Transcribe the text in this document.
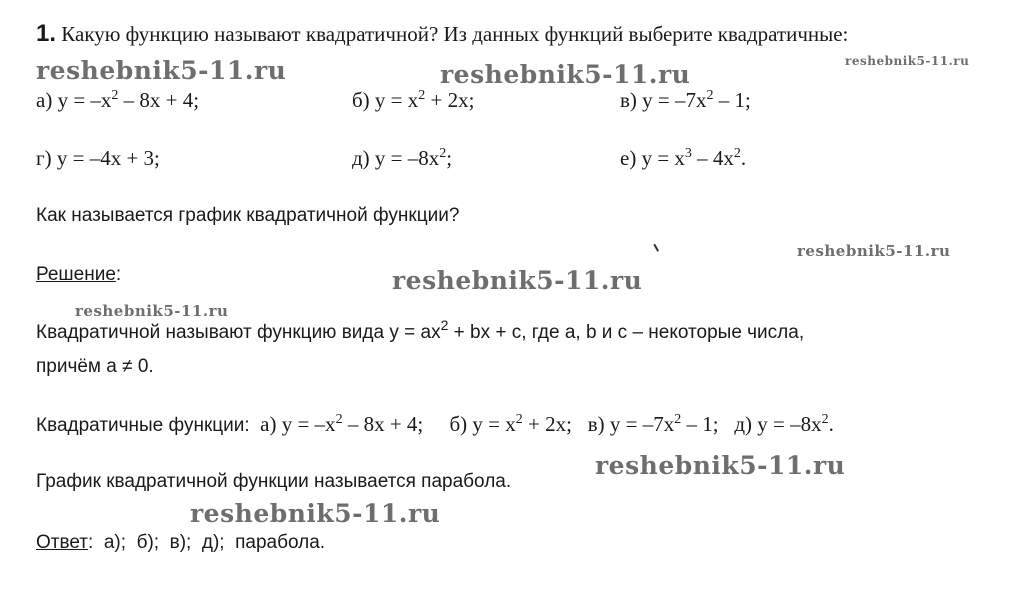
1. Какую функцию называют квадратичной? Из данных функций выберите квадратичные:
reshebnik5-11.ru	reshebnik5-11.ru	reshebnik5-11.ru
reshebnik5-11.ru
reshebnik5-11.ru
reshebnik5-11.ru
reshebnik5-11.ru
reshebnik5-11.ru
а) $y = -x^2 - 8x + 4$;	б) $y = x^2 + 2x$;	в) $y = -7x^2 - 1$;
г) y = –4x + 3;	д) $y = -8x^2$;	е) $y = x^3 - 4x^2$.
Как называется график квадратичной функции?
Решение:
Квадратичной называют функцию вида $y = ax^2$ + bx + c, где a, b и c – некоторые числа,
причём a ≠ 0.
Квадратичные функции:  а) $y = -x^2 - 8x + 4$;     б) $y = x^2 + 2x$;   в) $y = -7x^2 - 1$;   д) $y = -8x^2$.
График квадратичной функции называется парабола.
Ответ:  а);  б);  в);  д);  парабола.
